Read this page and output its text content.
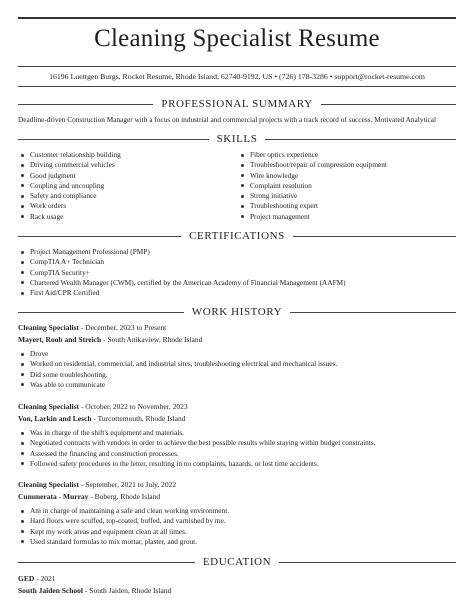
Cleaning Specialist Resume
16196 Luettgen Burgs, Rocket Resume, Rhode Island, 62740-9192, US • (726) 178-3286 • support@rocket-resume.com
PROFESSIONAL SUMMARY
Deadline-driven Construction Manager with a focus on industrial and commercial projects with a track record of success. Motivated Analytical
SKILLS
Customer relationship building
Driving commercial vehicles
Good judgment
Coupling and uncoupling
Safety and compliance
Work orders
Rack usage
Fiber optics experience
Troubleshoot/repair of compression equipment
Wire knowledge
Complaint resolution
Strong initiative
Troubleshooting expert
Project management
CERTIFICATIONS
Project Management Professional (PMP)
CompTIA A+ Technician
CompTIA Security+
Chartered Wealth Manager (CWM), certified by the American Academy of Financial Management (AAFM)
First Aid/CPR Certified
WORK HISTORY
Cleaning Specialist - December, 2023 to Present
Mayert, Roob and Streich - South Anikaview, Rhode Island
Drove
Worked on residential, commercial, and industrial sites, troubleshooting electrical and mechanical issues.
Did some troubleshooting.
Was able to communicate
Cleaning Specialist - October, 2022 to November, 2023
Von, Larkin and Lesch - Turcottemouth, Rhode Island
Was in charge of the shift's equipment and materials.
Negotiated contracts with vendors in order to achieve the best possible results while staying within budget constraints.
Assessed the financing and construction processes.
Followed safety procedures to the letter, resulting in no complaints, hazards, or lost time accidents.
Cleaning Specialist - September, 2021 to July, 2022
Cummerata - Murray - Boberg, Rhode Island
Am in charge of maintaining a safe and clean working environment.
Hard floors were scuffed, top-coated, buffed, and varnished by me.
Kept my work areas and equipment clean at all times.
Used standard formulas to mix mortar, plaster, and grout.
EDUCATION
GED - 2021
South Jaiden School - South Jaiden, Rhode Island
